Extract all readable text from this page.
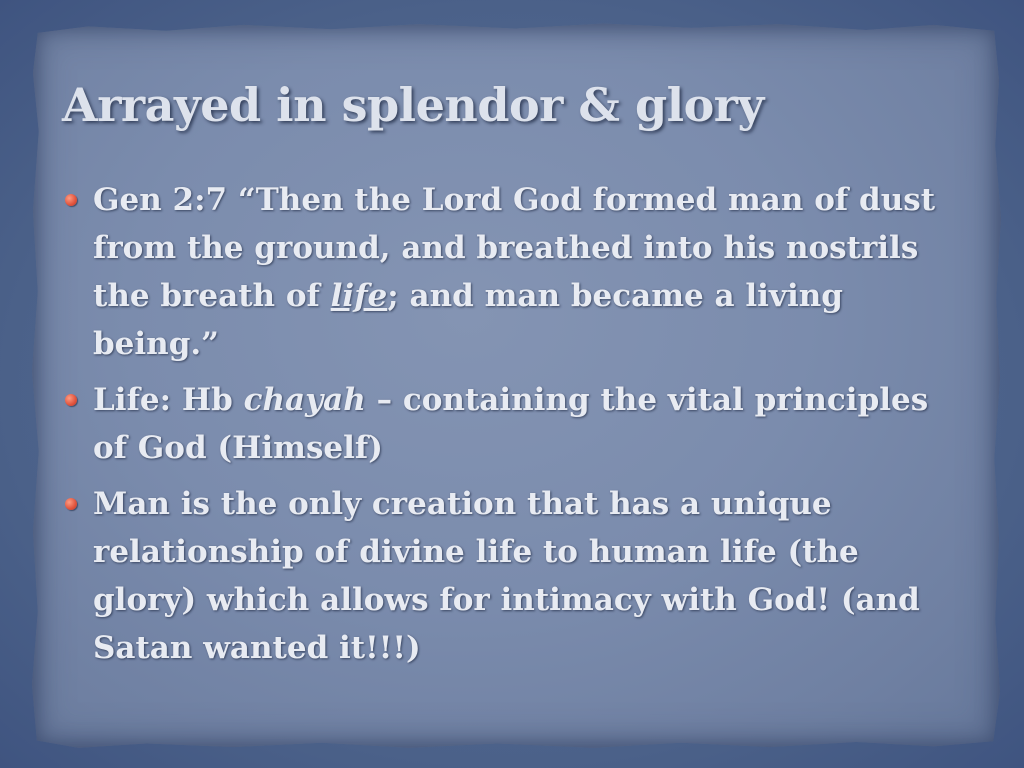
Arrayed in splendor & glory
Gen 2:7 “Then the Lord God formed man of dust from the ground, and breathed into his nostrils the breath of life; and man became a living being.”
Life: Hb chayah – containing the vital principles of God (Himself)
Man is the only creation that has a unique relationship of divine life to human life (the glory) which allows for intimacy with God! (and Satan wanted it!!!)
